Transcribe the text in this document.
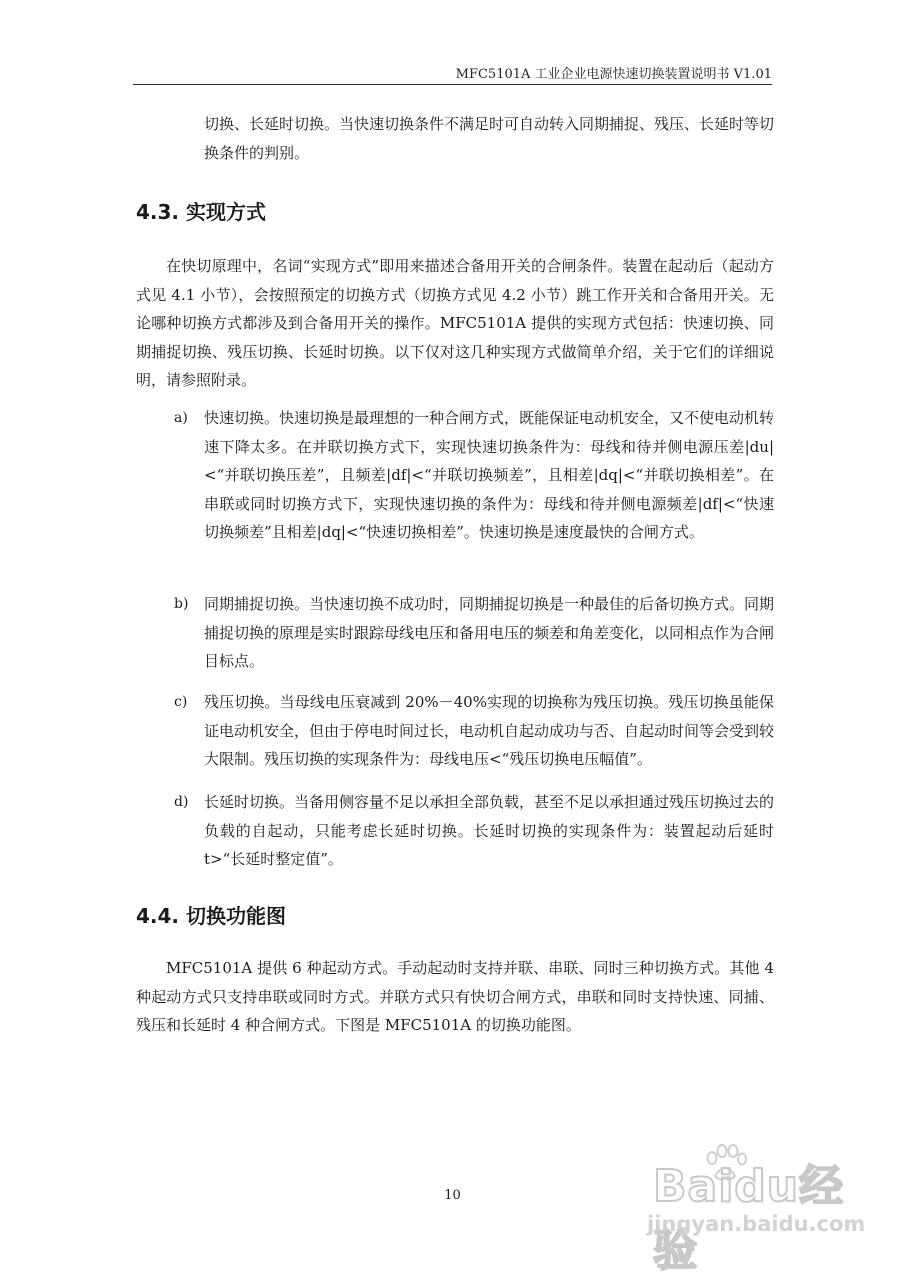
MFC5101A 工业企业电源快速切换装置说明书 V1.01

切换、长延时切换。当快速切换条件不满足时可自动转入同期捕捉、残压、长延时等切换条件的判别。

4.3. 实现方式

在快切原理中，名词“实现方式”即用来描述合备用开关的合闸条件。装置在起动后（起动方式见 4.1 小节），会按照预定的切换方式（切换方式见 4.2 小节）跳工作开关和合备用开关。无论哪种切换方式都涉及到合备用开关的操作。MFC5101A 提供的实现方式包括：快速切换、同期捕捉切换、残压切换、长延时切换。以下仅对这几种实现方式做简单介绍，关于它们的详细说明，请参照附录。

a) 快速切换。快速切换是最理想的一种合闸方式，既能保证电动机安全，又不使电动机转速下降太多。在并联切换方式下，实现快速切换条件为：母线和待并侧电源压差|du|<“并联切换压差”，且频差|df|<“并联切换频差”，且相差|dq|<“并联切换相差”。在串联或同时切换方式下，实现快速切换的条件为：母线和待并侧电源频差|df|<“快速切换频差”且相差|dq|<“快速切换相差”。快速切换是速度最快的合闸方式。

b) 同期捕捉切换。当快速切换不成功时，同期捕捉切换是一种最佳的后备切换方式。同期捕捉切换的原理是实时跟踪母线电压和备用电压的频差和角差变化，以同相点作为合闸目标点。

c) 残压切换。当母线电压衰减到 20%－40%实现的切换称为残压切换。残压切换虽能保证电动机安全，但由于停电时间过长，电动机自起动成功与否、自起动时间等会受到较大限制。残压切换的实现条件为：母线电压<“残压切换电压幅值”。

d) 长延时切换。当备用侧容量不足以承担全部负载，甚至不足以承担通过残压切换过去的负载的自起动，只能考虑长延时切换。长延时切换的实现条件为：装置起动后延时 t>“长延时整定值”。

4.4. 切换功能图

MFC5101A 提供 6 种起动方式。手动起动时支持并联、串联、同时三种切换方式。其他 4 种起动方式只支持串联或同时方式。并联方式只有快切合闸方式，串联和同时支持快速、同捕、残压和长延时 4 种合闸方式。下图是 MFC5101A 的切换功能图。

10	Baidu经验
jingyan.baidu.com
